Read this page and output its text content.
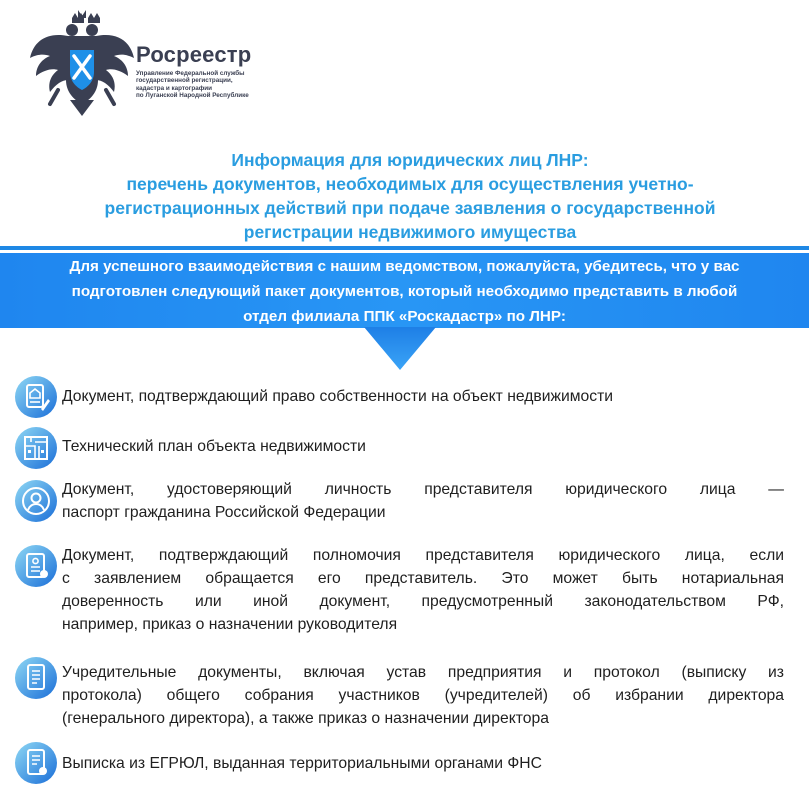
Росреестр
Управление Федеральной службы
государственной регистрации,
кадастра и картографии
по Луганской Народной Республике
Информация для юридических лиц ЛНР:
перечень документов, необходимых для осуществления учетно-
регистрационных действий при подаче заявления о государственной
регистрации недвижимого имущества
Для успешного взаимодействия с нашим ведомством, пожалуйста, убедитесь, что у вас
подготовлен следующий пакет документов, который необходимо представить в любой
отдел филиала ППК «Роскадастр» по ЛНР:
Документ, подтверждающий право собственности на объект недвижимости
Технический план объекта недвижимости
Документ, удостоверяющий личность представителя юридического лица —
паспорт гражданина Российской Федерации
Документ, подтверждающий полномочия представителя юридического лица, если
с заявлением обращается его представитель. Это может быть нотариальная
доверенность или иной документ, предусмотренный законодательством РФ,
например, приказ о назначении руководителя
Учредительные документы, включая устав предприятия и протокол (выписку из
протокола) общего собрания участников (учредителей) об избрании директора
(генерального директора), а также приказ о назначении директора
Выписка из ЕГРЮЛ, выданная территориальными органами ФНС
